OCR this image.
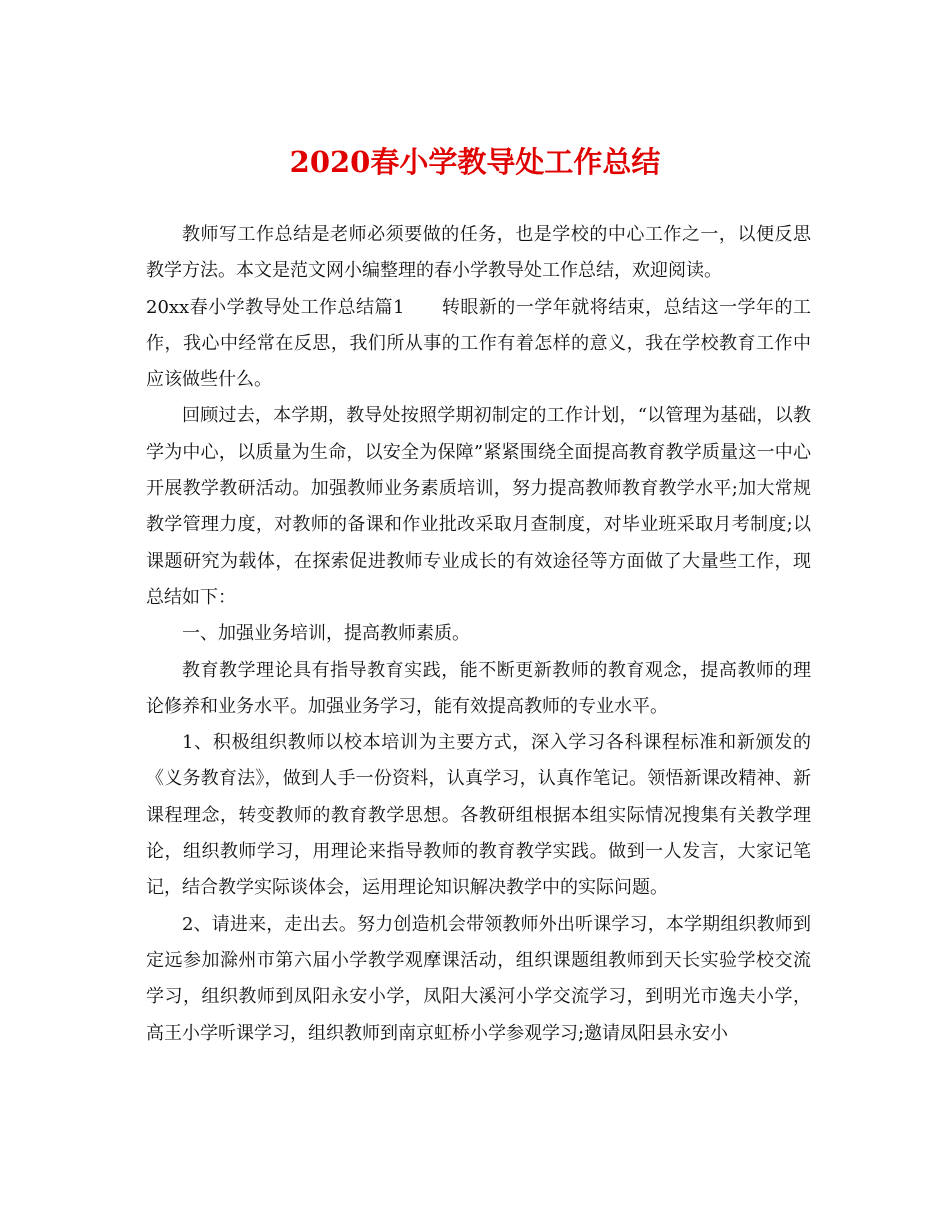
2020春小学教导处工作总结

教师写工作总结是老师必须要做的任务，也是学校的中心工作之一，以便反思教学方法。本文是范文网小编整理的春小学教导处工作总结，欢迎阅读。

20xx春小学教导处工作总结篇1　　转眼新的一学年就将结束，总结这一学年的工作，我心中经常在反思，我们所从事的工作有着怎样的意义，我在学校教育工作中应该做些什么。

回顾过去，本学期，教导处按照学期初制定的工作计划，“以管理为基础，以教学为中心，以质量为生命，以安全为保障”紧紧围绕全面提高教育教学质量这一中心开展教学教研活动。加强教师业务素质培训，努力提高教师教育教学水平;加大常规教学管理力度，对教师的备课和作业批改采取月查制度，对毕业班采取月考制度;以课题研究为载体，在探索促进教师专业成长的有效途径等方面做了大量些工作，现总结如下：

一、加强业务培训，提高教师素质。

教育教学理论具有指导教育实践，能不断更新教师的教育观念，提高教师的理论修养和业务水平。加强业务学习，能有效提高教师的专业水平。

1、积极组织教师以校本培训为主要方式，深入学习各科课程标准和新颁发的《义务教育法》，做到人手一份资料，认真学习，认真作笔记。领悟新课改精神、新课程理念，转变教师的教育教学思想。各教研组根据本组实际情况搜集有关教学理论，组织教师学习，用理论来指导教师的教育教学实践。做到一人发言，大家记笔记，结合教学实际谈体会，运用理论知识解决教学中的实际问题。

2、请进来，走出去。努力创造机会带领教师外出听课学习，本学期组织教师到定远参加滁州市第六届小学教学观摩课活动，组织课题组教师到天长实验学校交流学习，组织教师到凤阳永安小学，凤阳大溪河小学交流学习，到明光市逸夫小学，高王小学听课学习，组织教师到南京虹桥小学参观学习;邀请凤阳县永安小
